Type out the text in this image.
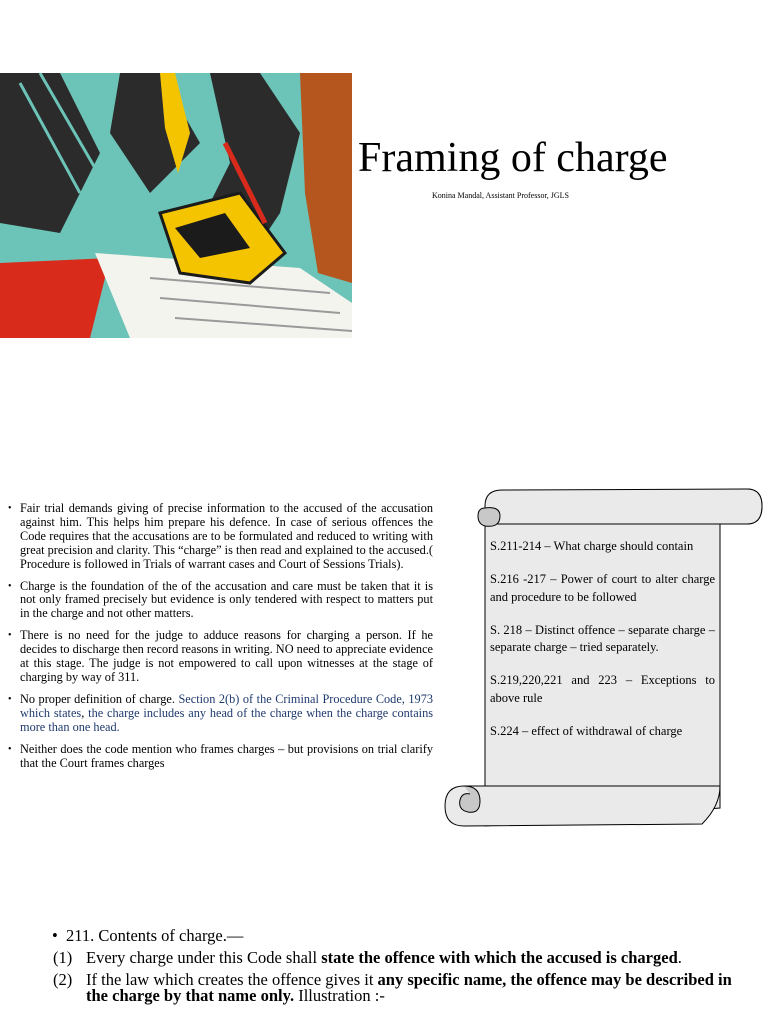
Framing of charge
Konina Mandal, Assistant Professor, JGLS
• Fair trial demands giving of precise information to the accused of the accusation against him. This helps him prepare his defence. In case of serious offences the Code requires that the accusations are to be formulated and reduced to writing with great precision and clarity. This “charge” is then read and explained to the accused.( Procedure is followed in Trials of warrant cases and Court of Sessions Trials).
• Charge is the foundation of the of the accusation and care must be taken that it is not only framed precisely but evidence is only tendered with respect to matters put in the charge and not other matters.
• There is no need for the judge to adduce reasons for charging a person. If he decides to discharge then record reasons in writing. NO need to appreciate evidence at this stage. The judge is not empowered to call upon witnesses at the stage of charging by way of 311.
• No proper definition of charge. Section 2(b) of the Criminal Procedure Code, 1973 which states, the charge includes any head of the charge when the charge contains more than one head.
• Neither does the code mention who frames charges – but provisions on trial clarify that the Court frames charges

S.211-214 – What charge should contain

S.216 -217 – Power of court to alter charge and procedure to be followed

S. 218 – Distinct offence – separate charge – separate charge – tried separately.

S.219,220,221 and 223 – Exceptions to above rule

S.224 – effect of withdrawal of charge

• 211. Contents of charge.—
(1) Every charge under this Code shall state the offence with which the accused is charged.
(2) If the law which creates the offence gives it any specific name, the offence may be described in the charge by that name only. Illustration :-
